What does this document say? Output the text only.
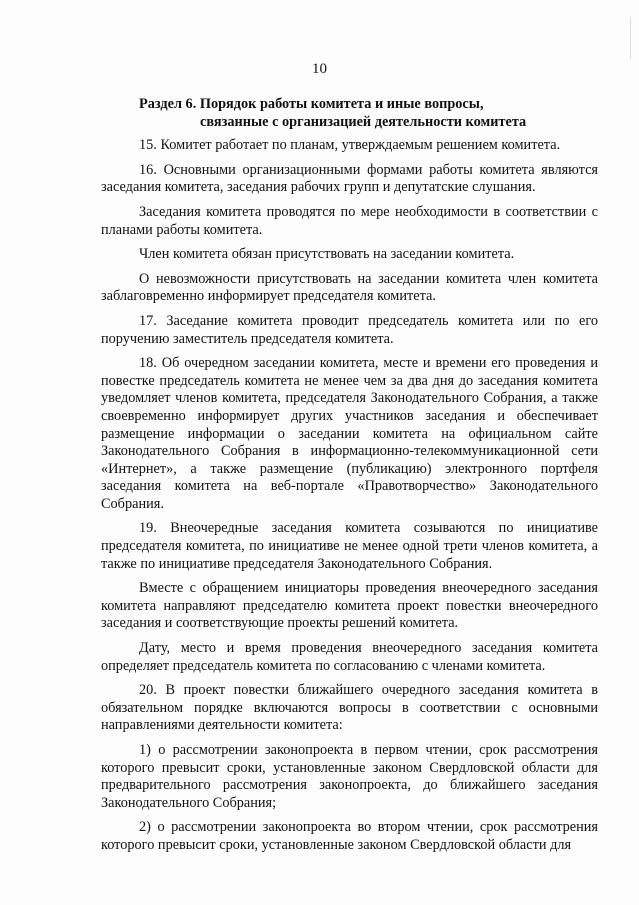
10
Раздел 6. Порядок работы комитета и иные вопросы,
связанные с организацией деятельности комитета

15. Комитет работает по планам, утверждаемым решением комитета.

16. Основными организационными формами работы комитета являются заседания комитета, заседания рабочих групп и депутатские слушания.

Заседания комитета проводятся по мере необходимости в соответствии с планами работы комитета.

Член комитета обязан присутствовать на заседании комитета.

О невозможности присутствовать на заседании комитета член комитета заблаговременно информирует председателя комитета.

17. Заседание комитета проводит председатель комитета или по его поручению заместитель председателя комитета.

18. Об очередном заседании комитета, месте и времени его проведения и повестке председатель комитета не менее чем за два дня до заседания комитета уведомляет членов комитета, председателя Законодательного Собрания, а также своевременно информирует других участников заседания и обеспечивает размещение информации о заседании комитета на официальном сайте Законодательного Собрания в информационно-телекоммуникационной сети «Интернет», а также размещение (публикацию) электронного портфеля заседания комитета на веб-портале «Правотворчество» Законодательного Собрания.

19. Внеочередные заседания комитета созываются по инициативе председателя комитета, по инициативе не менее одной трети членов комитета, а также по инициативе председателя Законодательного Собрания.

Вместе с обращением инициаторы проведения внеочередного заседания комитета направляют председателю комитета проект повестки внеочередного заседания и соответствующие проекты решений комитета.

Дату, место и время проведения внеочередного заседания комитета определяет председатель комитета по согласованию с членами комитета.

20. В проект повестки ближайшего очередного заседания комитета в обязательном порядке включаются вопросы в соответствии с основными направлениями деятельности комитета:

1) о рассмотрении законопроекта в первом чтении, срок рассмотрения которого превысит сроки, установленные законом Свердловской области для предварительного рассмотрения законопроекта, до ближайшего заседания Законодательного Собрания;

2) о рассмотрении законопроекта во втором чтении, срок рассмотрения которого превысит сроки, установленные законом Свердловской области для
